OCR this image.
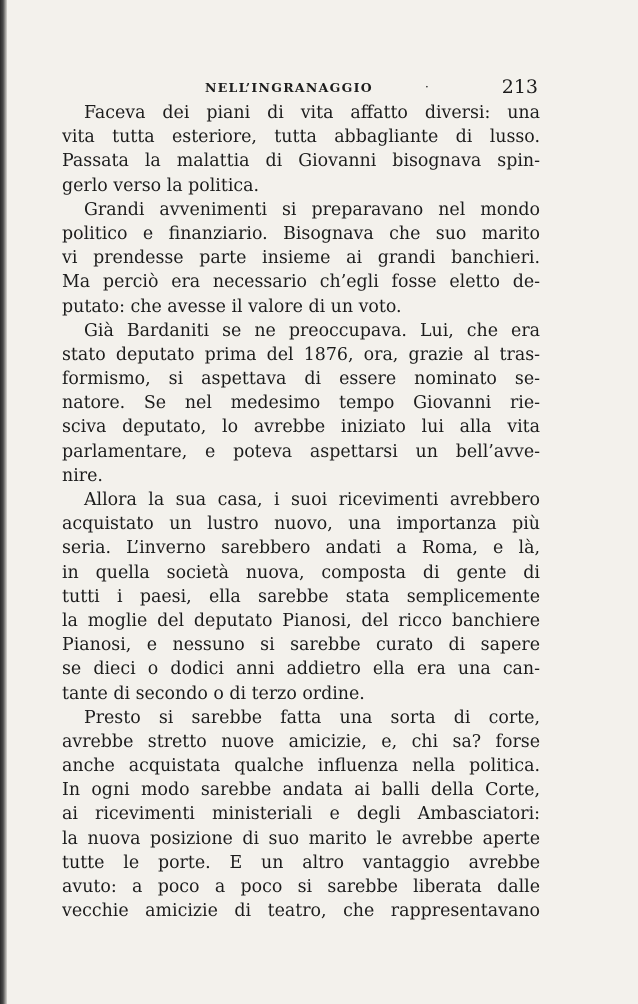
NELL’INGRANAGGIO	·	213
Faceva dei piani di vita affatto diversi: una
vita tutta esteriore, tutta abbagliante di lusso.
Passata la malattia di Giovanni bisognava spin-
gerlo verso la politica.
Grandi avvenimenti si preparavano nel mondo
politico e finanziario. Bisognava che suo marito
vi prendesse parte insieme ai grandi banchieri.
Ma perciò era necessario ch’egli fosse eletto de-
putato: che avesse il valore di un voto.
Già Bardaniti se ne preoccupava. Lui, che era
stato deputato prima del 1876, ora, grazie al tras-
formismo, si aspettava di essere nominato se-
natore. Se nel medesimo tempo Giovanni rie-
sciva deputato, lo avrebbe iniziato lui alla vita
parlamentare, e poteva aspettarsi un bell’avve-
nire.
Allora la sua casa, i suoi ricevimenti avrebbero
acquistato un lustro nuovo, una importanza più
seria. L’inverno sarebbero andati a Roma, e là,
in quella società nuova, composta di gente di
tutti i paesi, ella sarebbe stata semplicemente
la moglie del deputato Pianosi, del ricco banchiere
Pianosi, e nessuno si sarebbe curato di sapere
se dieci o dodici anni addietro ella era una can-
tante di secondo o di terzo ordine.
Presto si sarebbe fatta una sorta di corte,
avrebbe stretto nuove amicizie, e, chi sa? forse
anche acquistata qualche influenza nella politica.
In ogni modo sarebbe andata ai balli della Corte,
ai ricevimenti ministeriali e degli Ambasciatori:
la nuova posizione di suo marito le avrebbe aperte
tutte le porte. E un altro vantaggio avrebbe
avuto: a poco a poco si sarebbe liberata dalle
vecchie amicizie di teatro, che rappresentavano
